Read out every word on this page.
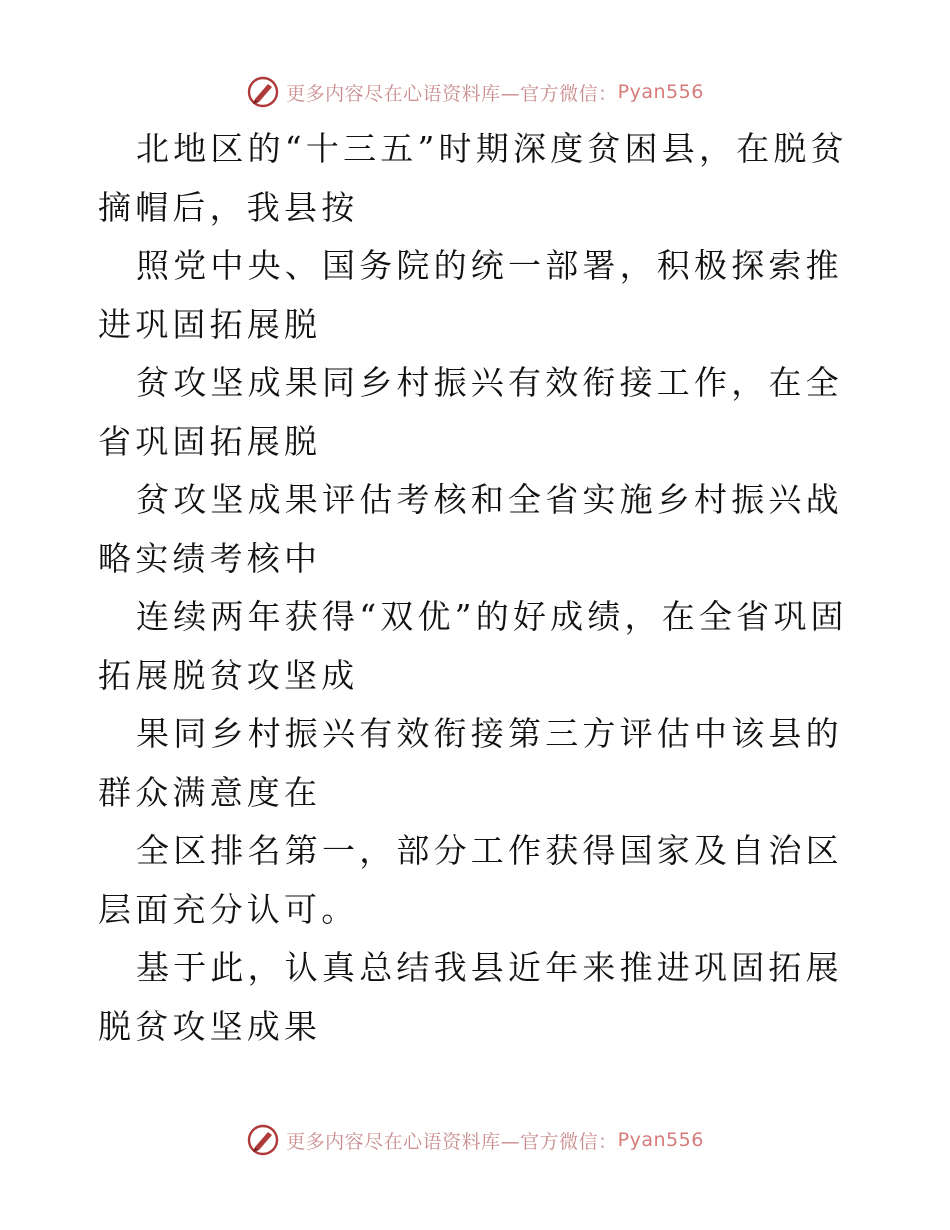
更多内容尽在心语资料库—官方微信： Pyan556

北地区的“十三五”时期深度贫困县，在脱贫摘帽后，我县按

照党中央、国务院的统一部署，积极探索推进巩固拓展脱

贫攻坚成果同乡村振兴有效衔接工作，在全省巩固拓展脱

贫攻坚成果评估考核和全省实施乡村振兴战略实绩考核中

连续两年获得“双优”的好成绩，在全省巩固拓展脱贫攻坚成

果同乡村振兴有效衔接第三方评估中该县的群众满意度在

全区排名第一，部分工作获得国家及自治区层面充分认可。

基于此，认真总结我县近年来推进巩固拓展脱贫攻坚成果

更多内容尽在心语资料库—官方微信： Pyan556
